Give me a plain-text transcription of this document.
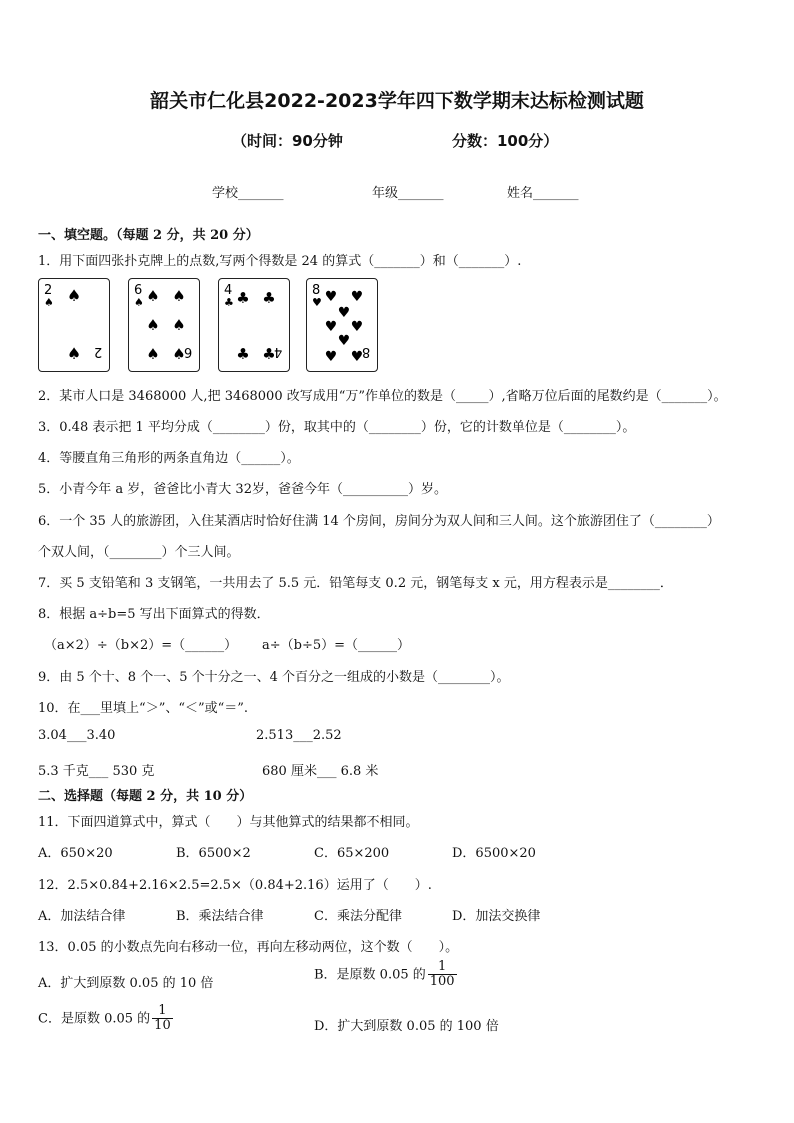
韶关市仁化县2022-2023学年四下数学期末达标检测试题
（时间：90分钟	分数：100分）
学校_______	年级_______	姓名_______
一、填空题。（每题 2 分，共 20 分）
1．用下面四张扑克牌上的点数,写两个得数是 24 的算式（_______）和（_______）.
2
♠ ♠
♠ 2
6
♠ ♠ ♠
♠ ♠
♠ ♠
6
4
♣ ♣ ♣
♣ ♣
4
8
♥ ♥ ♥
♥
♥ ♥
♥
♥ ♥
8
2．某市人口是 3468000 人,把 3468000 改写成用“万”作单位的数是（_____）,省略万位后面的尾数约是（_______）。
3．0.48 表示把 1 平均分成（________）份，取其中的（________）份，它的计数单位是（________）。
4．等腰直角三角形的两条直角边（______）。
5．小青今年 a 岁，爸爸比小青大 32岁，爸爸今年（__________）岁。
6．一个 35 人的旅游团，入住某酒店时恰好住满 14 个房间，房间分为双人间和三人间。这个旅游团住了（________）
个双人间，（________）个三人间。
7．买 5 支铅笔和 3 支钢笔，一共用去了 5.5 元．铅笔每支 0.2 元，钢笔每支 x 元，用方程表示是________．
8．根据 a÷b=5 写出下面算式的得数．
（a×2）÷（b×2）=（______） a÷（b÷5）=（______）
9．由 5 个十、8 个一、5 个十分之一、4 个百分之一组成的小数是（________）。
10．在___里填上“＞”、“＜”或“＝”.
3.04___3.40	2.513___2.52
5.3 千克___ 530 克	680 厘米___ 6.8 米
二、选择题（每题 2 分，共 10 分）
11．下面四道算式中，算式（　　）与其他算式的结果都不相同。
A．650×20	B．6500×2	C．65×200	D．6500×20
12．2.5×0.84+2.16×2.5=2.5×（0.84+2.16）运用了（　　）.
A．加法结合律	B．乘法结合律	C．乘法分配律	D．加法交换律
13．0.05 的小数点先向右移动一位，再向左移动两位，这个数（　　）。
A．扩大到原数 0.05 的 10 倍
B．是原数 0.05 的 $\frac{1}{100}$
C．是原数 0.05 的 $\frac{1}{10}$	D．扩大到原数 0.05 的 100 倍
